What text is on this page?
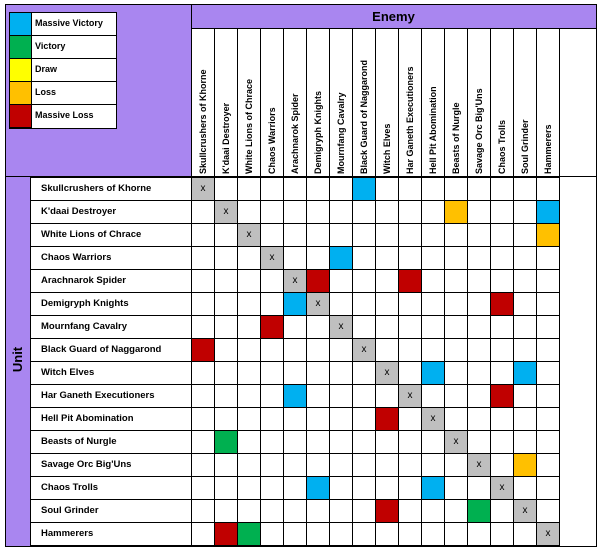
Massive Victory
Victory
Draw
Loss
Massive Loss
Enemy
Unit
Skullcrushers of Khorne K'daai Destroyer White Lions of Chrace Chaos Warriors Arachnarok Spider Demigryph Knights Mournfang Cavalry Black Guard of Naggarond Witch Elves Har Ganeth Executioners Hell Pit Abomination Beasts of Nurgle Savage Orc Big'Uns Chaos Trolls Soul Grinder Hammerers
Skullcrushers of Khorne
K'daai Destroyer
White Lions of Chrace
Chaos Warriors
Arachnarok Spider
Demigryph Knights
Mournfang Cavalry
Black Guard of Naggarond
Witch Elves
Har Ganeth Executioners
Hell Pit Abomination
Beasts of Nurgle
Savage Orc Big'Uns
Chaos Trolls
Soul Grinder
Hammerers
x
x
x
x
x
x
x
x
x
x
x
x
x
x
x
x
